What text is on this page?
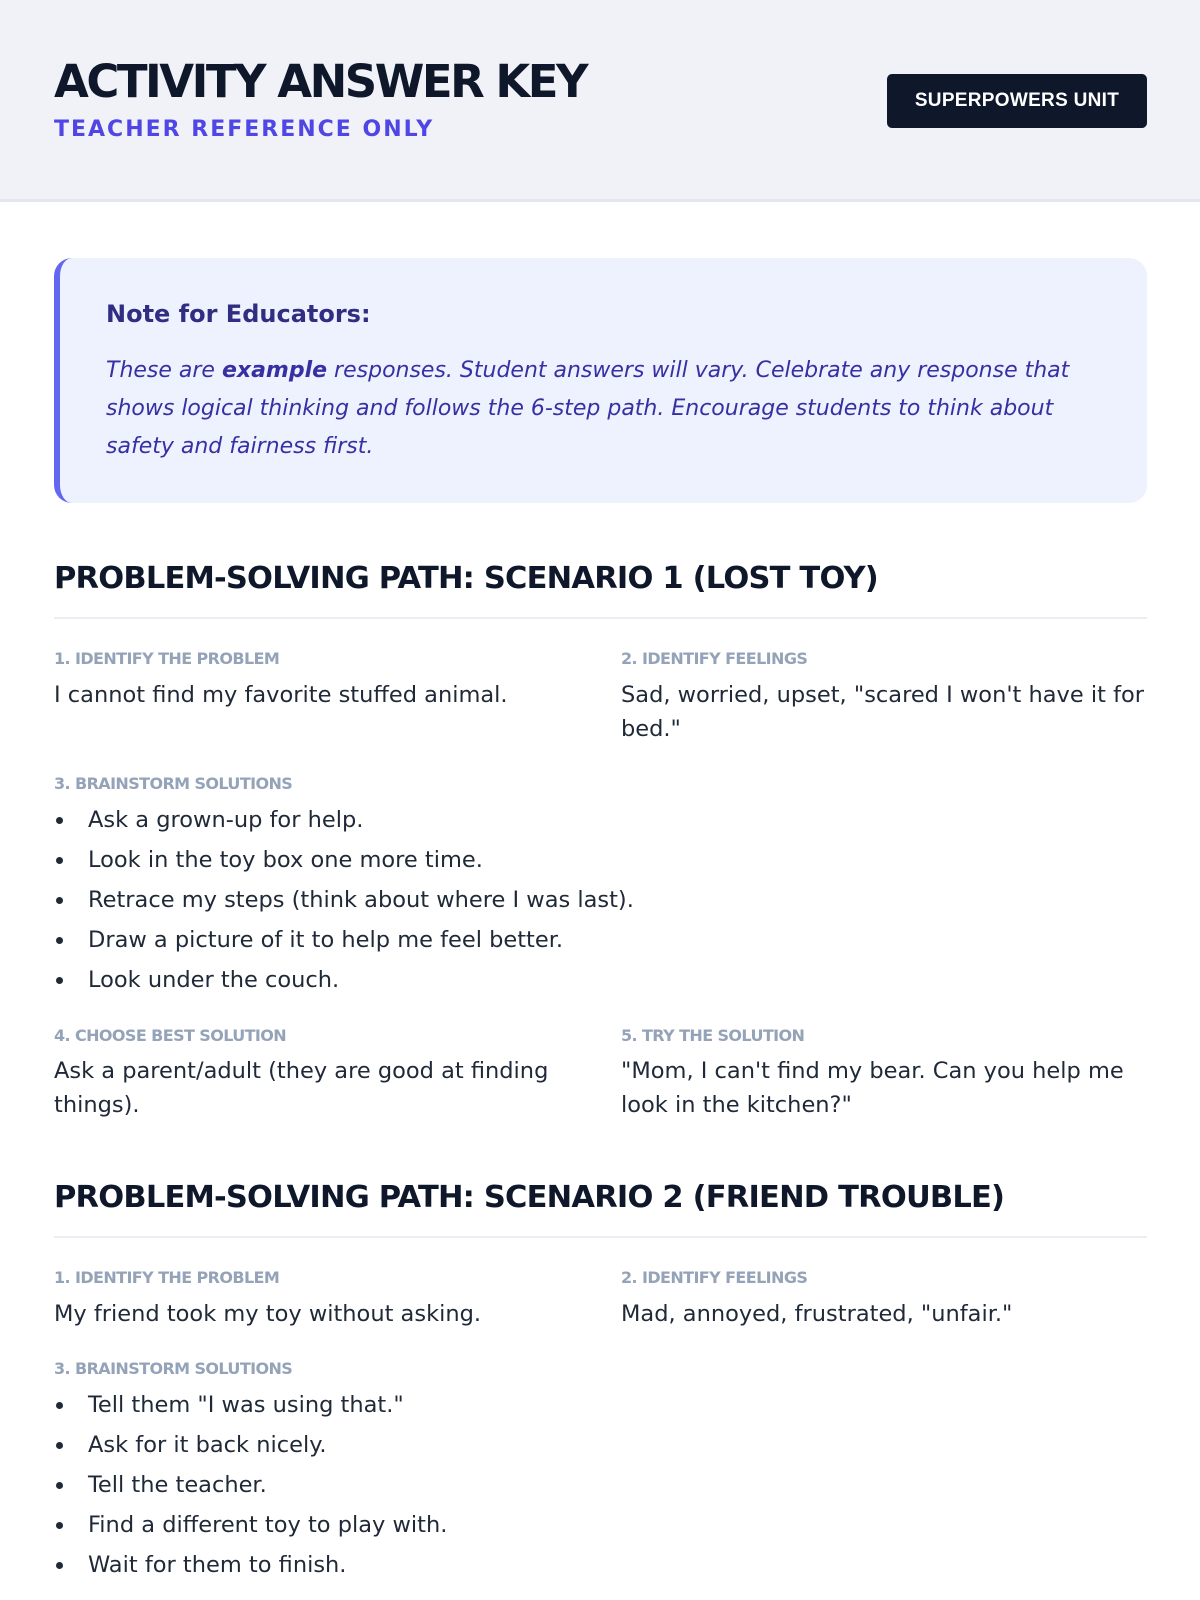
ACTIVITY ANSWER KEY
TEACHER REFERENCE ONLY
SUPERPOWERS UNIT
Note for Educators:
These are example responses. Student answers will vary. Celebrate any response that shows logical thinking and follows the 6-step path. Encourage students to think about safety and fairness first.
PROBLEM-SOLVING PATH: SCENARIO 1 (LOST TOY)
1. IDENTIFY THE PROBLEM
I cannot find my favorite stuffed animal.
2. IDENTIFY FEELINGS
Sad, worried, upset, "scared I won't have it for bed."
3. BRAINSTORM SOLUTIONS
Ask a grown-up for help.
Look in the toy box one more time.
Retrace my steps (think about where I was last).
Draw a picture of it to help me feel better.
Look under the couch.
4. CHOOSE BEST SOLUTION
Ask a parent/adult (they are good at finding things).
5. TRY THE SOLUTION
"Mom, I can't find my bear. Can you help me look in the kitchen?"
PROBLEM-SOLVING PATH: SCENARIO 2 (FRIEND TROUBLE)
1. IDENTIFY THE PROBLEM
My friend took my toy without asking.
2. IDENTIFY FEELINGS
Mad, annoyed, frustrated, "unfair."
3. BRAINSTORM SOLUTIONS
Tell them "I was using that."
Ask for it back nicely.
Tell the teacher.
Find a different toy to play with.
Wait for them to finish.
